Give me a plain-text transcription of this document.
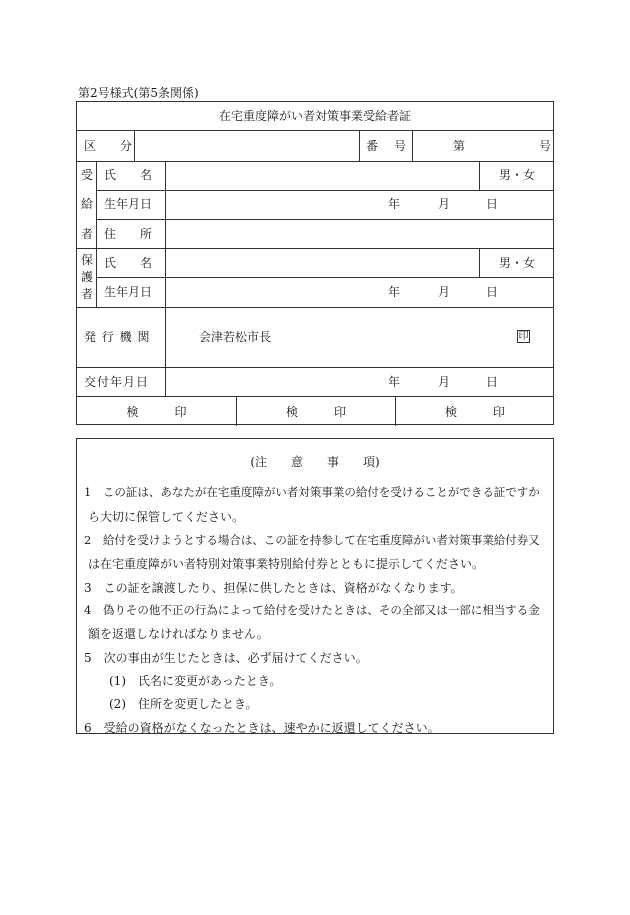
第2号様式(第5条関係)
在宅重度障がい者対策事業受給者証
区　分	番　号	第	号
受
給
者
氏　　名	男・女
生年月日	年	月	日
住　　所
保
護
者
氏　　名	男・女
生年月日	年	月	日
発 行 機 関	会津若松市長	印
交付年月日	年	月	日
検　　　印	検　　　印	検　　　印
(注　　意　　事　　項)
1　この証は、あなたが在宅重度障がい者対策事業の給付を受けることができる証ですか
ら大切に保管してください。
2　給付を受けようとする場合は、この証を持参して在宅重度障がい者対策事業給付券又
は在宅重度障がい者特別対策事業特別給付券とともに提示してください。
3　この証を譲渡したり、担保に供したときは、資格がなくなります。
4　偽りその他不正の行為によって給付を受けたときは、その全部又は一部に相当する金
額を返還しなければなりません。
5　次の事由が生じたときは、必ず届けてください。
(1)　氏名に変更があったとき。
(2)　住所を変更したとき。
6　受給の資格がなくなったときは、速やかに返還してください。
